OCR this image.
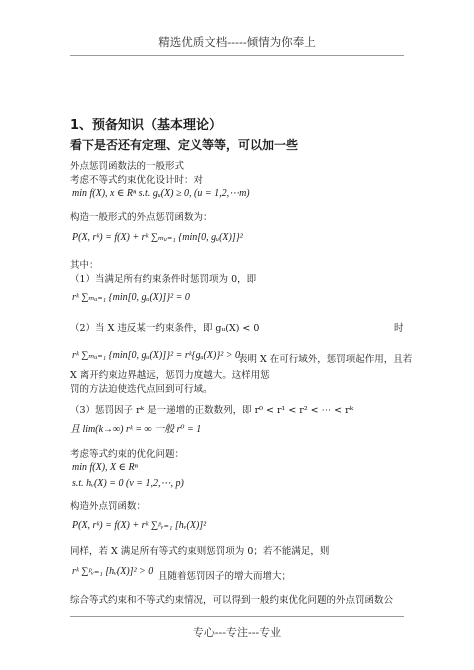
精选优质文档-----倾情为你奉上
1、预备知识（基本理论）
看下是否还有定理、定义等等，可以加一些
外点惩罚函数法的一般形式
考虑不等式约束优化设计时：对
min f(X), x ∈ Rⁿ s.t. gᵤ(X) ≥ 0, (u = 1,2,⋯m)
构造一般形式的外点惩罚函数为：
P(X, rᵏ) = f(X) + rᵏ ∑ₘᵤ₌₁ {min[0, gᵤ(X)]}²
其中：
（1）当满足所有约束条件时惩罚项为 0，即
rᵏ ∑ₘᵤ₌₁ {min[0, gᵤ(X)]}² = 0
（2）当 X 违反某一约束条件，即 gᵤ(X) < 0	时
rᵏ ∑ₘᵤ₌₁ {min[0, gᵤ(X)]}² = rᵏ{gᵤ(X)}² > 0
表明 X 在可行域外，惩罚项起作用，且若
X 离开约束边界越远，惩罚力度越大。这样用惩
罚的方法迫使迭代点回到可行域。
（3）惩罚因子 rᵏ 是一递增的正数数列，即 r⁰ < r¹ < r² < ⋯ < rᵏ
且 lim(k→∞) rᵏ = ∞ 一般 r⁰ = 1
考虑等式约束的优化问题：
min f(X), X ∈ Rⁿ
s.t. hᵥ(X) = 0 (v = 1,2,⋯, p)
构造外点罚函数：
P(X, rᵏ) = f(X) + rᵏ ∑ᵖᵥ₌₁ [hᵥ(X)]²
同样，若 X 满足所有等式约束则惩罚项为 0；若不能满足，则
rᵏ ∑ᵖᵥ₌₁ [hᵥ(X)]² > 0 且随着惩罚因子的增大而增大；
综合等式约束和不等式约束情况，可以得到一般约束优化问题的外点罚函数公
专心---专注---专业
